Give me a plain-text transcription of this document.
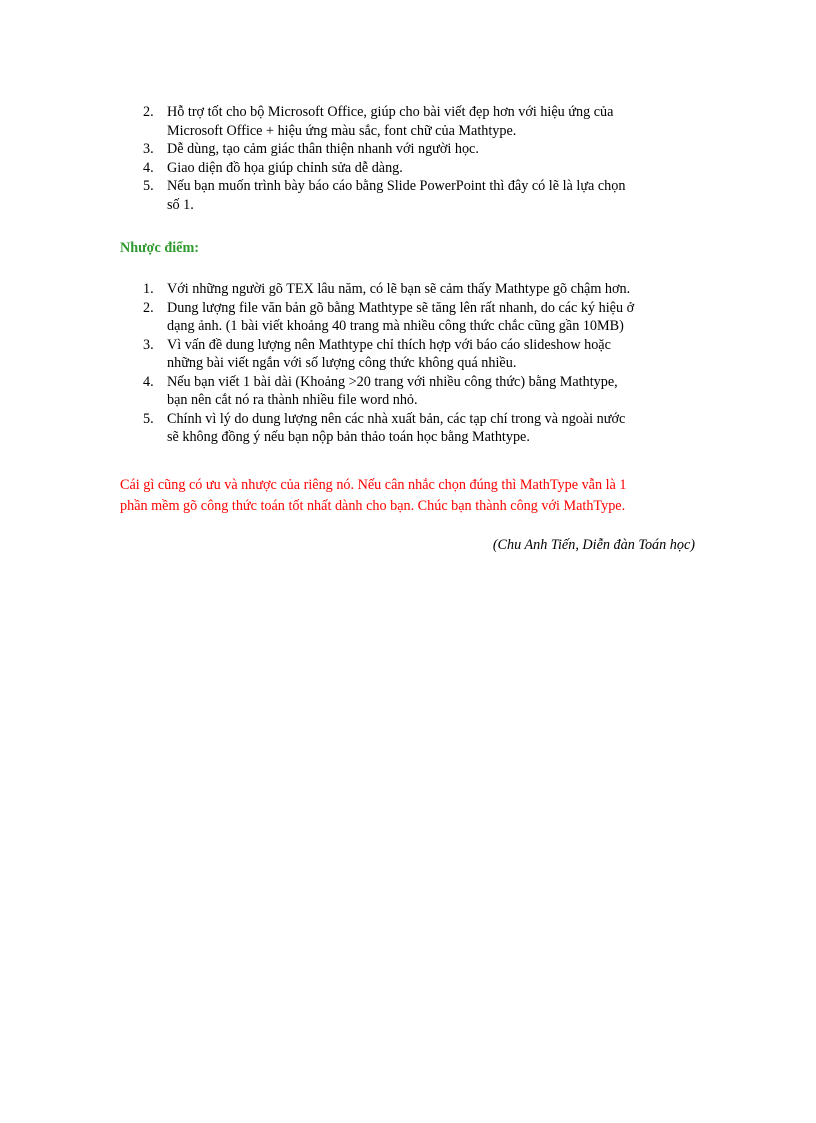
2. Hỗ trợ tốt cho bộ Microsoft Office, giúp cho bài viết đẹp hơn với hiệu ứng của
Microsoft Office + hiệu ứng màu sắc, font chữ của Mathtype.
3. Dễ dùng, tạo cảm giác thân thiện nhanh với người học.
4. Giao diện đồ họa giúp chỉnh sửa dễ dàng.
5. Nếu bạn muốn trình bày báo cáo bằng Slide PowerPoint thì đây có lẽ là lựa chọn
số 1.
Nhược điểm:
1. Với những người gõ TEX lâu năm, có lẽ bạn sẽ cảm thấy Mathtype gõ chậm hơn.
2. Dung lượng file văn bản gõ bằng Mathtype sẽ tăng lên rất nhanh, do các ký hiệu ở
dạng ảnh. (1 bài viết khoảng 40 trang mà nhiều công thức chắc cũng gần 10MB)
3. Vì vấn đề dung lượng nên Mathtype chỉ thích hợp với báo cáo slideshow hoặc
những bài viết ngắn với số lượng công thức không quá nhiều.
4. Nếu bạn viết 1 bài dài (Khoảng >20 trang với nhiều công thức) bằng Mathtype,
bạn nên cắt nó ra thành nhiều file word nhỏ.
5. Chính vì lý do dung lượng nên các nhà xuất bản, các tạp chí trong và ngoài nước
sẽ không đồng ý nếu bạn nộp bản thảo toán học bằng Mathtype.

Cái gì cũng có ưu và nhược của riêng nó. Nếu cân nhắc chọn đúng thì MathType vẫn là 1
phần mềm gõ công thức toán tốt nhất dành cho bạn. Chúc bạn thành công với MathType.

(Chu Anh Tiến, Diễn đàn Toán học)
